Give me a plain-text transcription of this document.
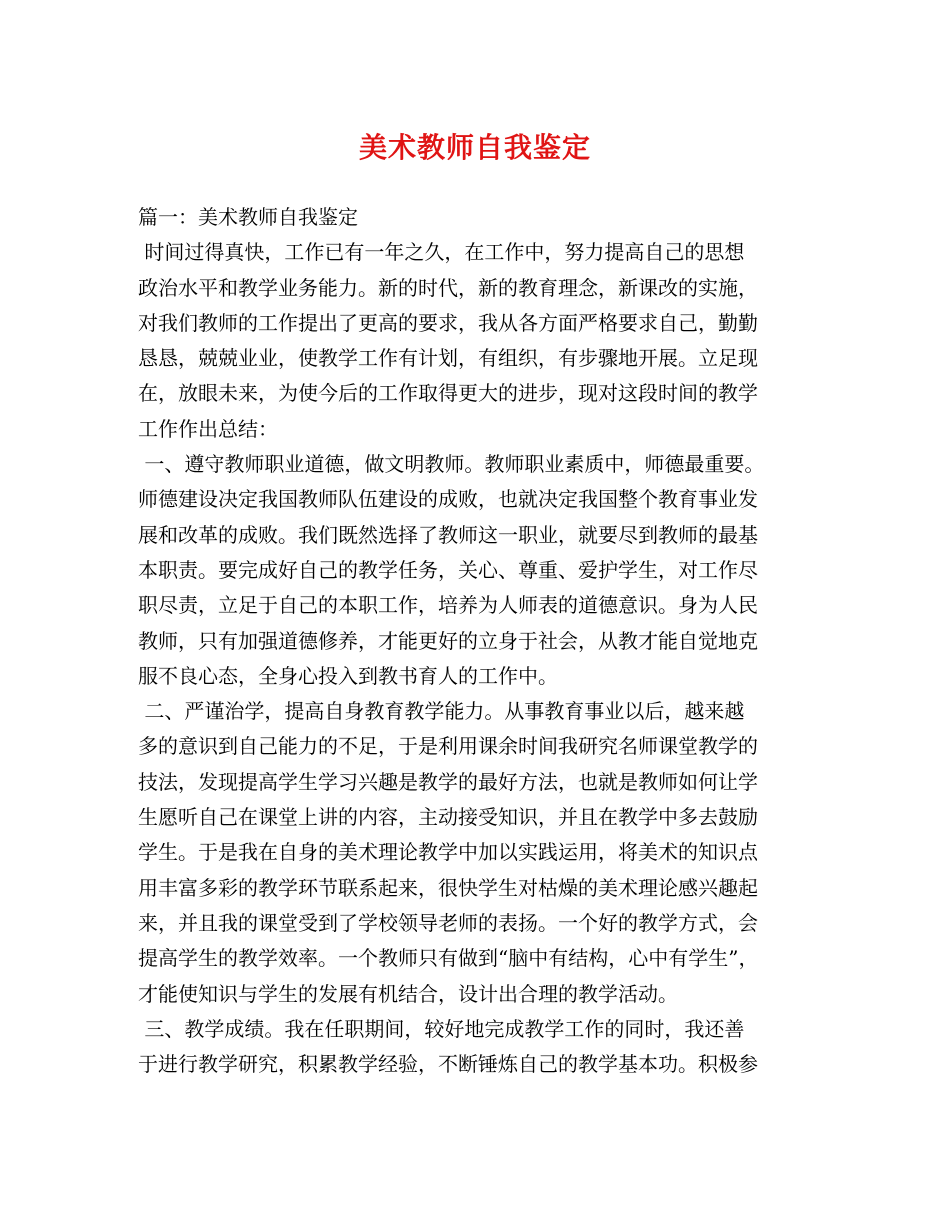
美术教师自我鉴定
篇一：美术教师自我鉴定
时间过得真快，工作已有一年之久，在工作中，努力提高自己的思想
政治水平和教学业务能力。新的时代，新的教育理念，新课改的实施，
对我们教师的工作提出了更高的要求，我从各方面严格要求自己，勤勤
恳恳，兢兢业业，使教学工作有计划，有组织，有步骤地开展。立足现
在，放眼未来，为使今后的工作取得更大的进步，现对这段时间的教学
工作作出总结：
一、遵守教师职业道德，做文明教师。教师职业素质中，师德最重要。
师德建设决定我国教师队伍建设的成败，也就决定我国整个教育事业发
展和改革的成败。我们既然选择了教师这一职业，就要尽到教师的最基
本职责。要完成好自己的教学任务，关心、尊重、爱护学生，对工作尽
职尽责，立足于自己的本职工作，培养为人师表的道德意识。身为人民
教师，只有加强道德修养，才能更好的立身于社会，从教才能自觉地克
服不良心态，全身心投入到教书育人的工作中。
二、严谨治学，提高自身教育教学能力。从事教育事业以后，越来越
多的意识到自己能力的不足，于是利用课余时间我研究名师课堂教学的
技法，发现提高学生学习兴趣是教学的最好方法，也就是教师如何让学
生愿听自己在课堂上讲的内容，主动接受知识，并且在教学中多去鼓励
学生。于是我在自身的美术理论教学中加以实践运用，将美术的知识点
用丰富多彩的教学环节联系起来，很快学生对枯燥的美术理论感兴趣起
来，并且我的课堂受到了学校领导老师的表扬。一个好的教学方式，会
提高学生的教学效率。一个教师只有做到“脑中有结构，心中有学生”，
才能使知识与学生的发展有机结合，设计出合理的教学活动。
三、教学成绩。我在任职期间，较好地完成教学工作的同时，我还善
于进行教学研究，积累教学经验，不断锤炼自己的教学基本功。积极参
